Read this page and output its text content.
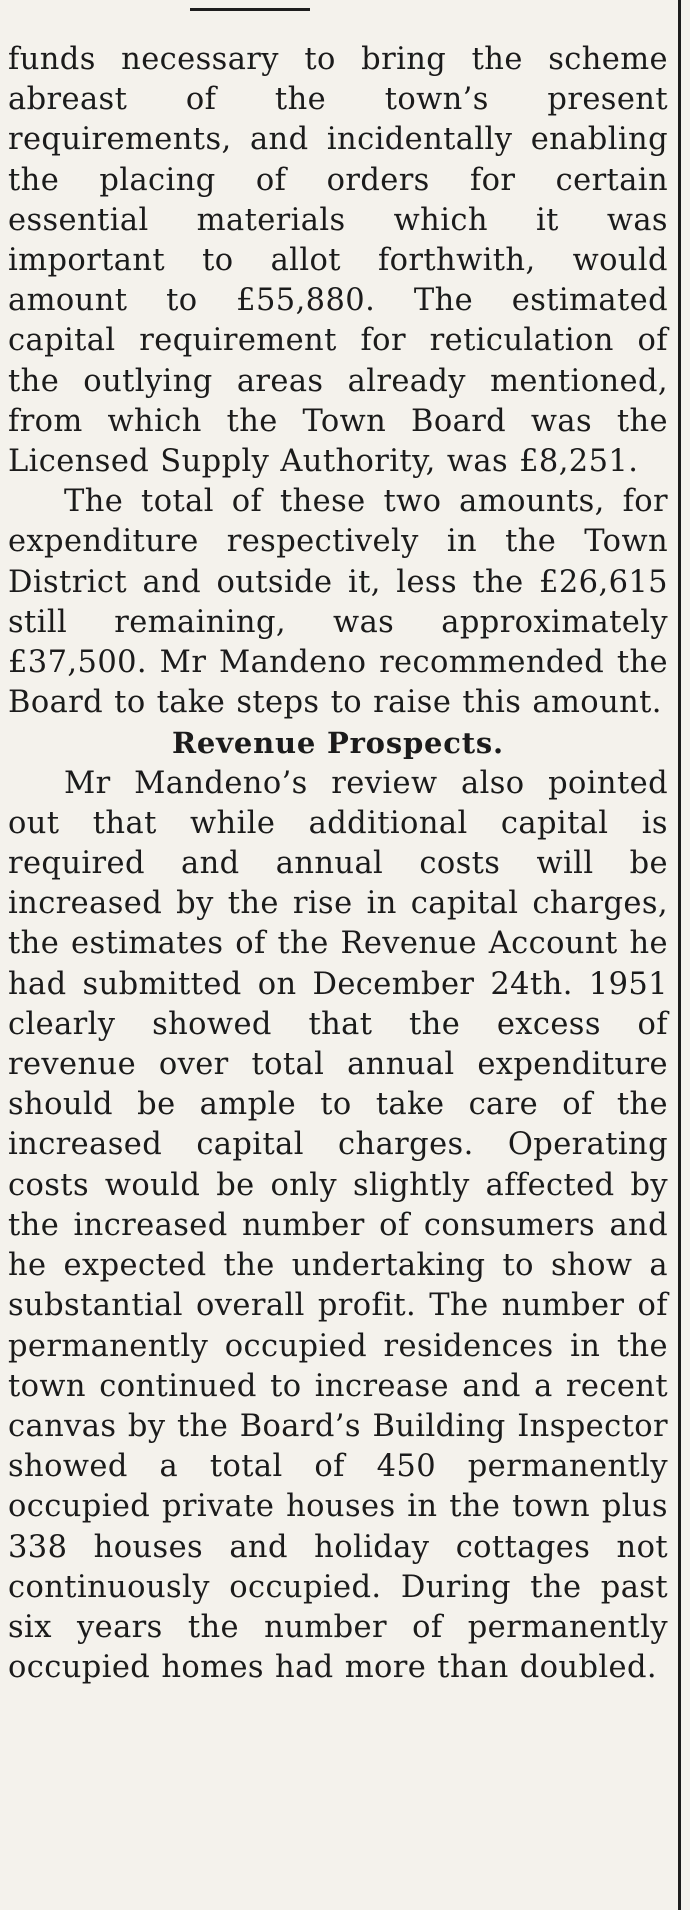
funds necessary to bring the scheme abreast of the town’s present requirements, and incidentally enabling the placing of orders for certain essential materials which it was important to allot forthwith, would amount to £55,880. The estimated capital requirement for reticulation of the outlying areas already mentioned, from which the Town Board was the Licensed Supply Authority, was £8,251.

The total of these two amounts, for expenditure respectively in the Town District and outside it, less the £26,615 still remaining, was approximately £37,500. Mr Mandeno recommended the Board to take steps to raise this amount.

Revenue Prospects.

Mr Mandeno’s review also pointed out that while additional capital is required and annual costs will be increased by the rise in capital charges, the estimates of the Revenue Account he had submitted on December 24th. 1951 clearly showed that the excess of revenue over total annual expenditure should be ample to take care of the increased capital charges. Operating costs would be only slightly affected by the increased number of consumers and he expected the undertaking to show a substantial overall profit. The number of permanently occupied residences in the town continued to increase and a recent canvas by the Board’s Building Inspector showed a total of 450 permanently occupied private houses in the town plus 338 houses and holiday cottages not continuously occupied. During the past six years the number of permanently occupied homes had more than doubled.
